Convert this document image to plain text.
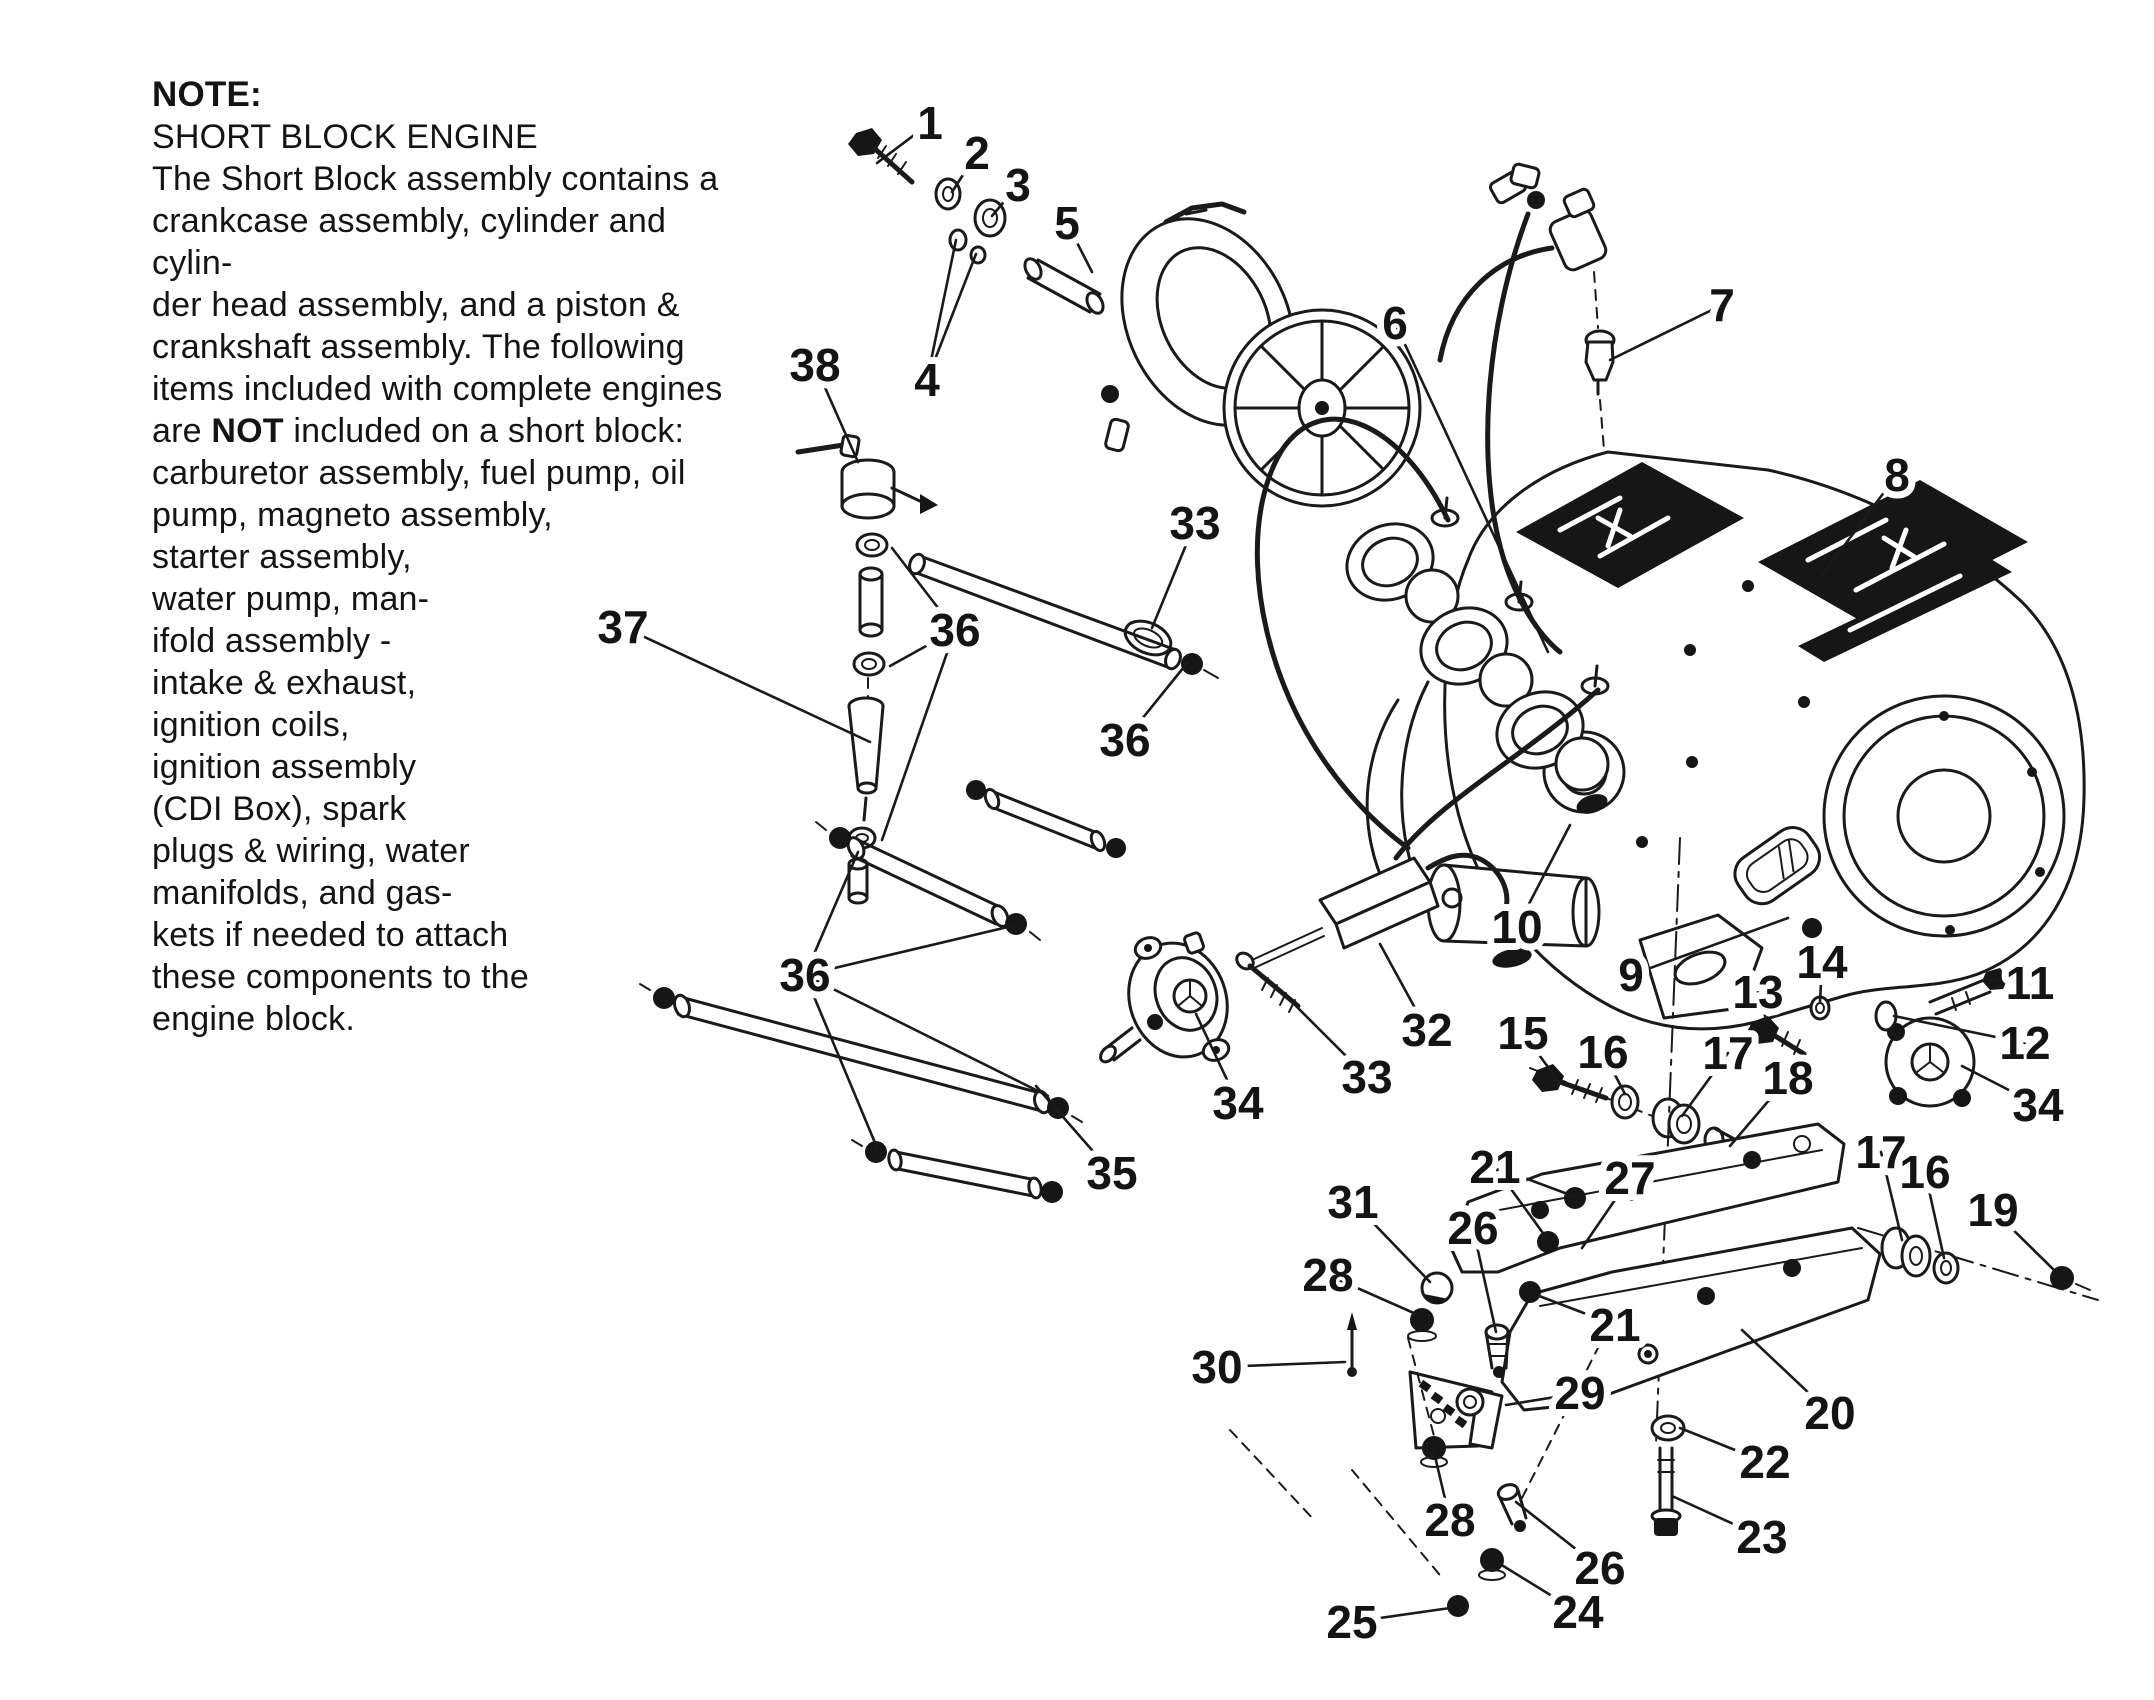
NOTE:
SHORT BLOCK ENGINE
The Short Block assembly contains a
crankcase assembly, cylinder and cylin-
der head assembly, and a piston &
crankshaft assembly. The following
items included with complete engines
are NOT included on a short block:
carburetor assembly, fuel pump, oil
pump, magneto assembly,
starter assembly,
water pump, man-
ifold assembly -
intake & exhaust,
ignition coils,
ignition assembly
(CDI Box), spark
plugs & wiring, water
manifolds, and gas-
kets if needed to attach
these components to the
engine block.
1
2
3
4
5
6	7
8
9
10
11
12
13
14
15 16 17 18
17
16
19
20
21
21
22
23
24
25
26
26
27
28
28
29
30
31
32
33
33
34	34
35
36
36
36
37
38
